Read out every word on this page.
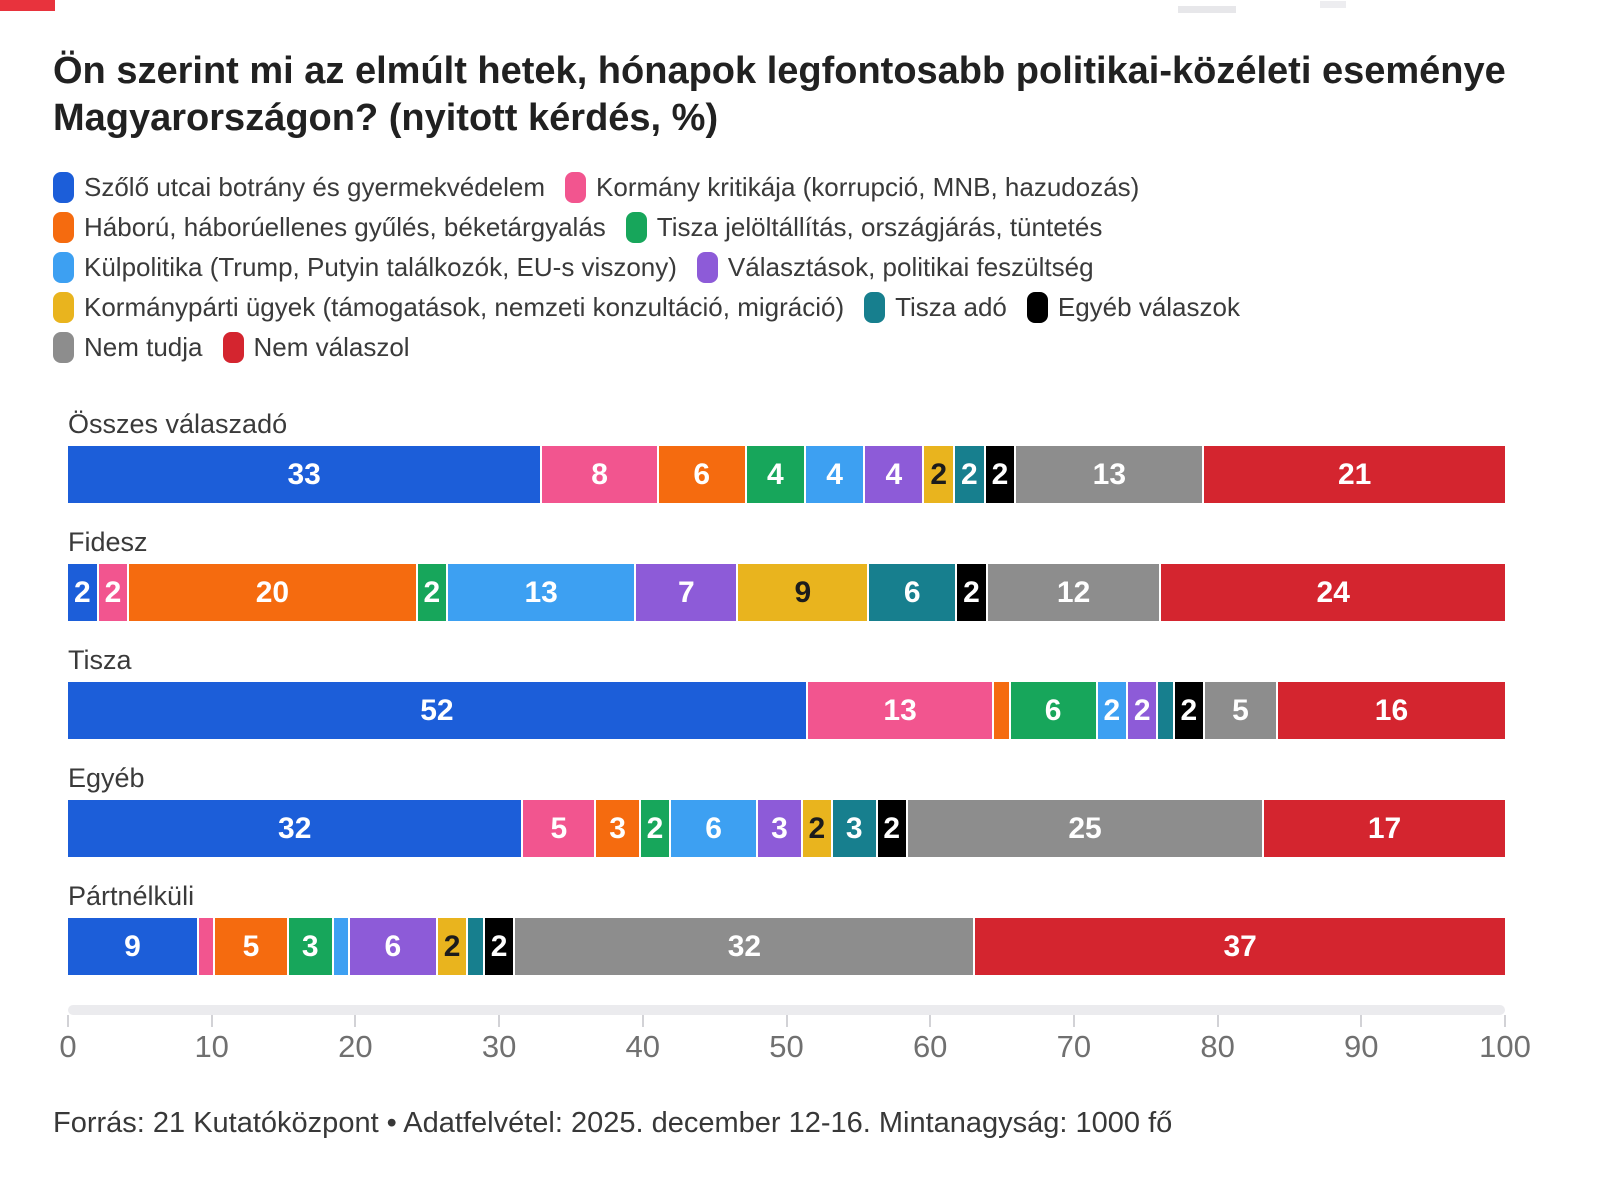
Ön szerint mi az elmúlt hetek, hónapok legfontosabb politikai-közéleti eseménye Magyarországon? (nyitott kérdés, %)
Szőlő utcai botrány és gyermekvédelem Kormány kritikája (korrupció, MNB, hazudozás)
Háború, háborúellenes gyűlés, béketárgyalás Tisza jelöltállítás, országjárás, tüntetés
Külpolitika (Trump, Putyin találkozók, EU-s viszony) Választások, politikai feszültség
Kormánypárti ügyek (támogatások, nemzeti konzultáció, migráció) Tisza adó Egyéb válaszok
Nem tudja Nem válaszol
Összes válaszadó
33	8	6 4 4 4 2 2 2	13	21
Fidesz
2 2	20	2	13	7	9	6 2	12	24
Tisza
52	13	6 2 2 2 5	16
Egyéb
32	5 3 2 6 3 2 3 2	25	17
Pártnélküli
9	5 3 6 2 2	32	37
0	10	20	30	40	50	60	70	80	90	100
Forrás: 21 Kutatóközpont • Adatfelvétel: 2025. december 12-16. Mintanagyság: 1000 fő
